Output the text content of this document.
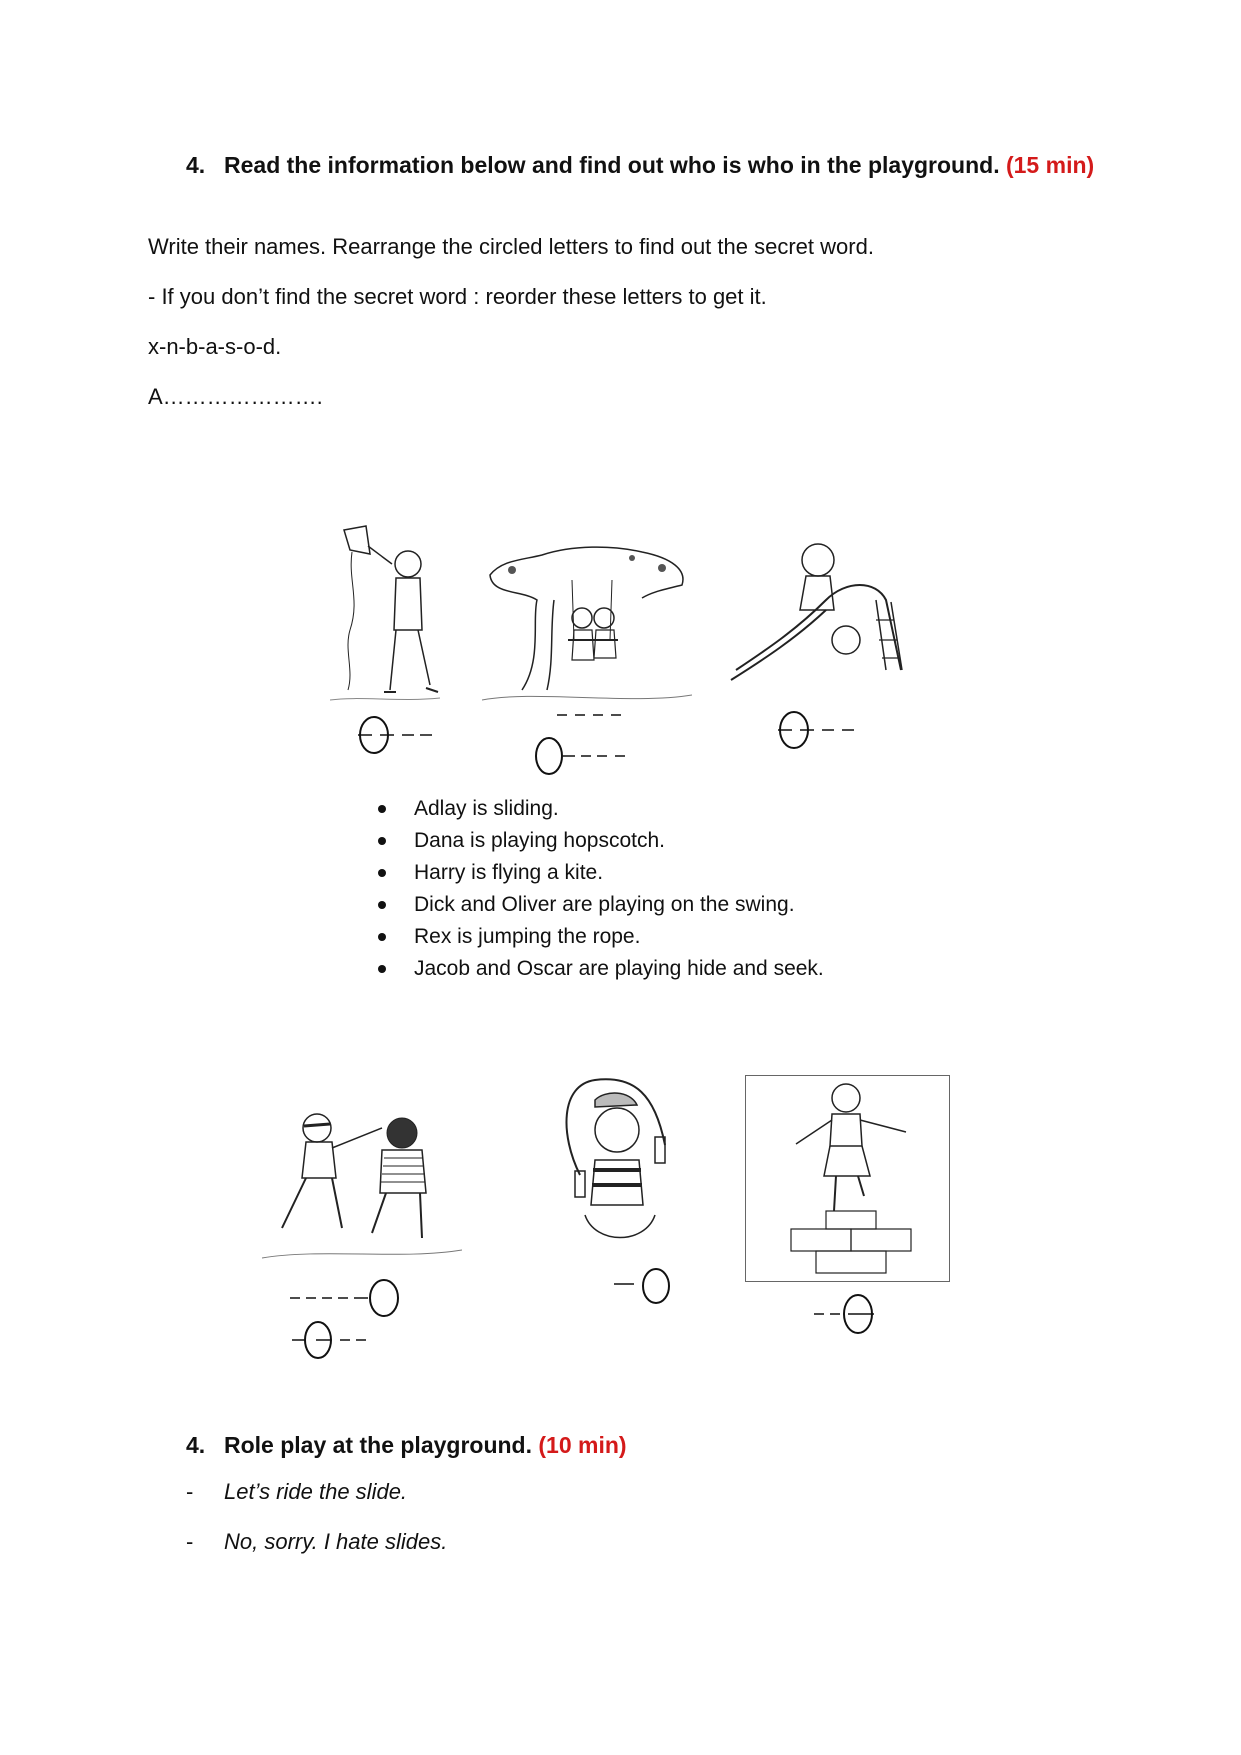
4. Read the information below and find out who is who in the playground. (15 min)
Write their names. Rearrange the circled letters to find out the secret word.
- If you don’t find the secret word : reorder these letters to get it.
x-n-b-a-s-o-d.
A………………….
Adlay is sliding.
Dana is playing hopscotch.
Harry is flying a kite.
Dick and Oliver are playing on the swing.
Rex is jumping the rope.
Jacob and Oscar are playing hide and seek.
4. Role play at the playground. (10 min)
- Let’s ride the slide.
- No, sorry. I hate slides.
